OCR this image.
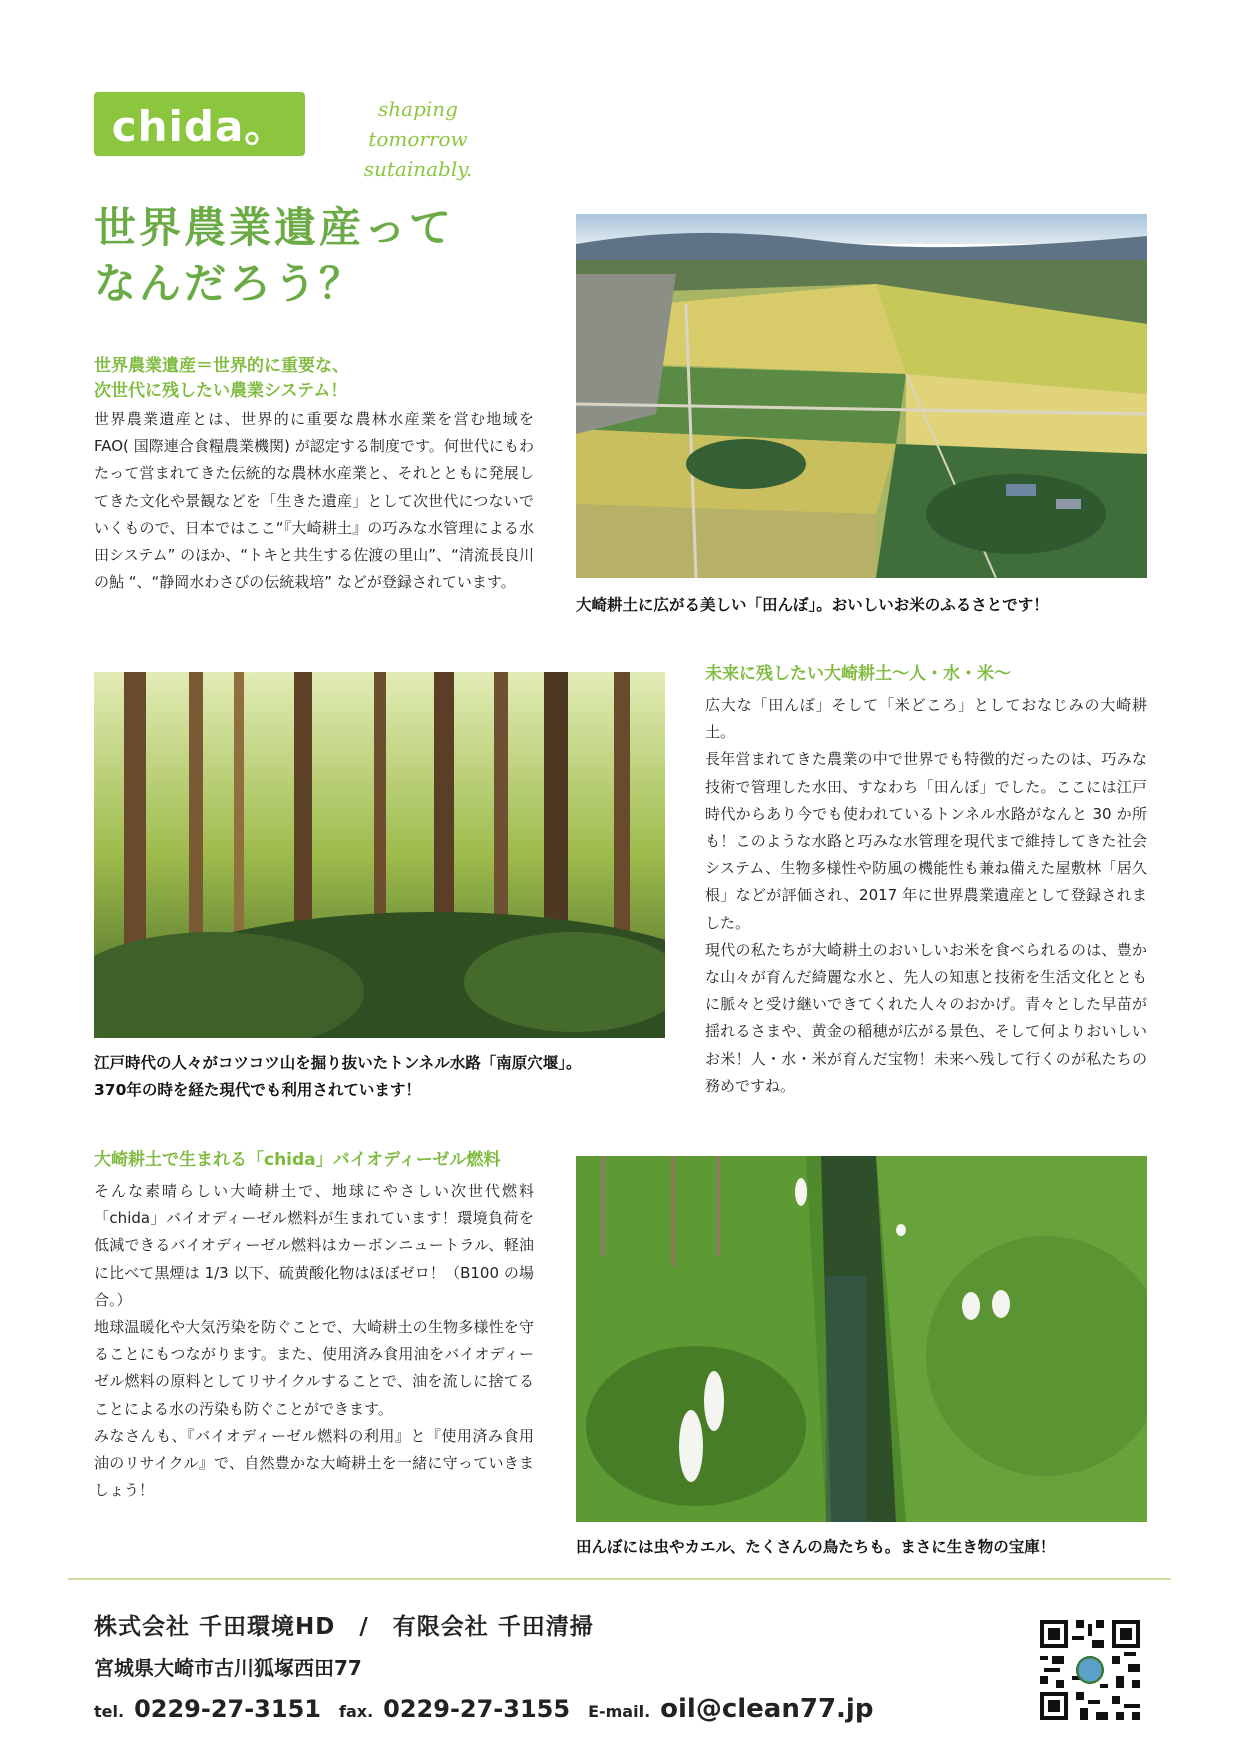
chida。	shaping tomorrow
sutainably.
世界農業遺産って
なんだろう？
世界農業遺産＝世界的に重要な、
次世代に残したい農業システム！
世界農業遺産とは、世界的に重要な農林水産業を営む地域を FAO( 国際連合食糧農業機関) が認定する制度です。何世代にもわたって営まれてきた伝統的な農林水産業と、それとともに発展してきた文化や景観などを「生きた遺産」として次世代につないでいくもので、日本ではここ“『大崎耕土』の巧みな水管理による水田システム” のほか、“トキと共生する佐渡の里山”、“清流長良川の鮎 “、“静岡水わさびの伝統栽培” などが登録されています。
大崎耕土に広がる美しい「田んぼ」。おいしいお米のふるさとです！
江戸時代の人々がコツコツ山を掘り抜いたトンネル水路「南原穴堰」。
370年の時を経た現代でも利用されています！
未来に残したい大崎耕土〜人・水・米〜
広大な「田んぼ」そして「米どころ」としておなじみの大崎耕土。
長年営まれてきた農業の中で世界でも特徴的だったのは、巧みな技術で管理した水田、すなわち「田んぼ」でした。ここには江戸時代からあり今でも使われているトンネル水路がなんと 30 か所も！このような水路と巧みな水管理を現代まで維持してきた社会システム、生物多様性や防風の機能性も兼ね備えた屋敷林「居久根」などが評価され、2017 年に世界農業遺産として登録されました。
現代の私たちが大崎耕土のおいしいお米を食べられるのは、豊かな山々が育んだ綺麗な水と、先人の知恵と技術を生活文化とともに脈々と受け継いできてくれた人々のおかげ。青々とした早苗が揺れるさまや、黄金の稲穂が広がる景色、そして何よりおいしいお米！人・水・米が育んだ宝物！未来へ残して行くのが私たちの務めですね。
大崎耕土で生まれる「chida」バイオディーゼル燃料
そんな素晴らしい大崎耕土で、地球にやさしい次世代燃料「chida」バイオディーゼル燃料が生まれています！環境負荷を低減できるバイオディーゼル燃料はカーボンニュートラル、軽油に比べて黒煙は 1/3 以下、硫黄酸化物はほぼゼロ！（B100 の場合。）
地球温暖化や大気汚染を防ぐことで、大崎耕土の生物多様性を守ることにもつながります。また、使用済み食用油をバイオディーゼル燃料の原料としてリサイクルすることで、油を流しに捨てることによる水の汚染も防ぐことができます。
みなさんも、『バイオディーゼル燃料の利用』と『使用済み食用油のリサイクル』で、自然豊かな大崎耕土を一緒に守っていきましょう！
田んぼには虫やカエル、たくさんの鳥たちも。まさに生き物の宝庫！
株式会社 千田環境HD　/　有限会社 千田清掃
宮城県大崎市古川狐塚西田77
tel. 0229-27-3151 fax. 0229-27-3155 E-mail. oil@clean77.jp
